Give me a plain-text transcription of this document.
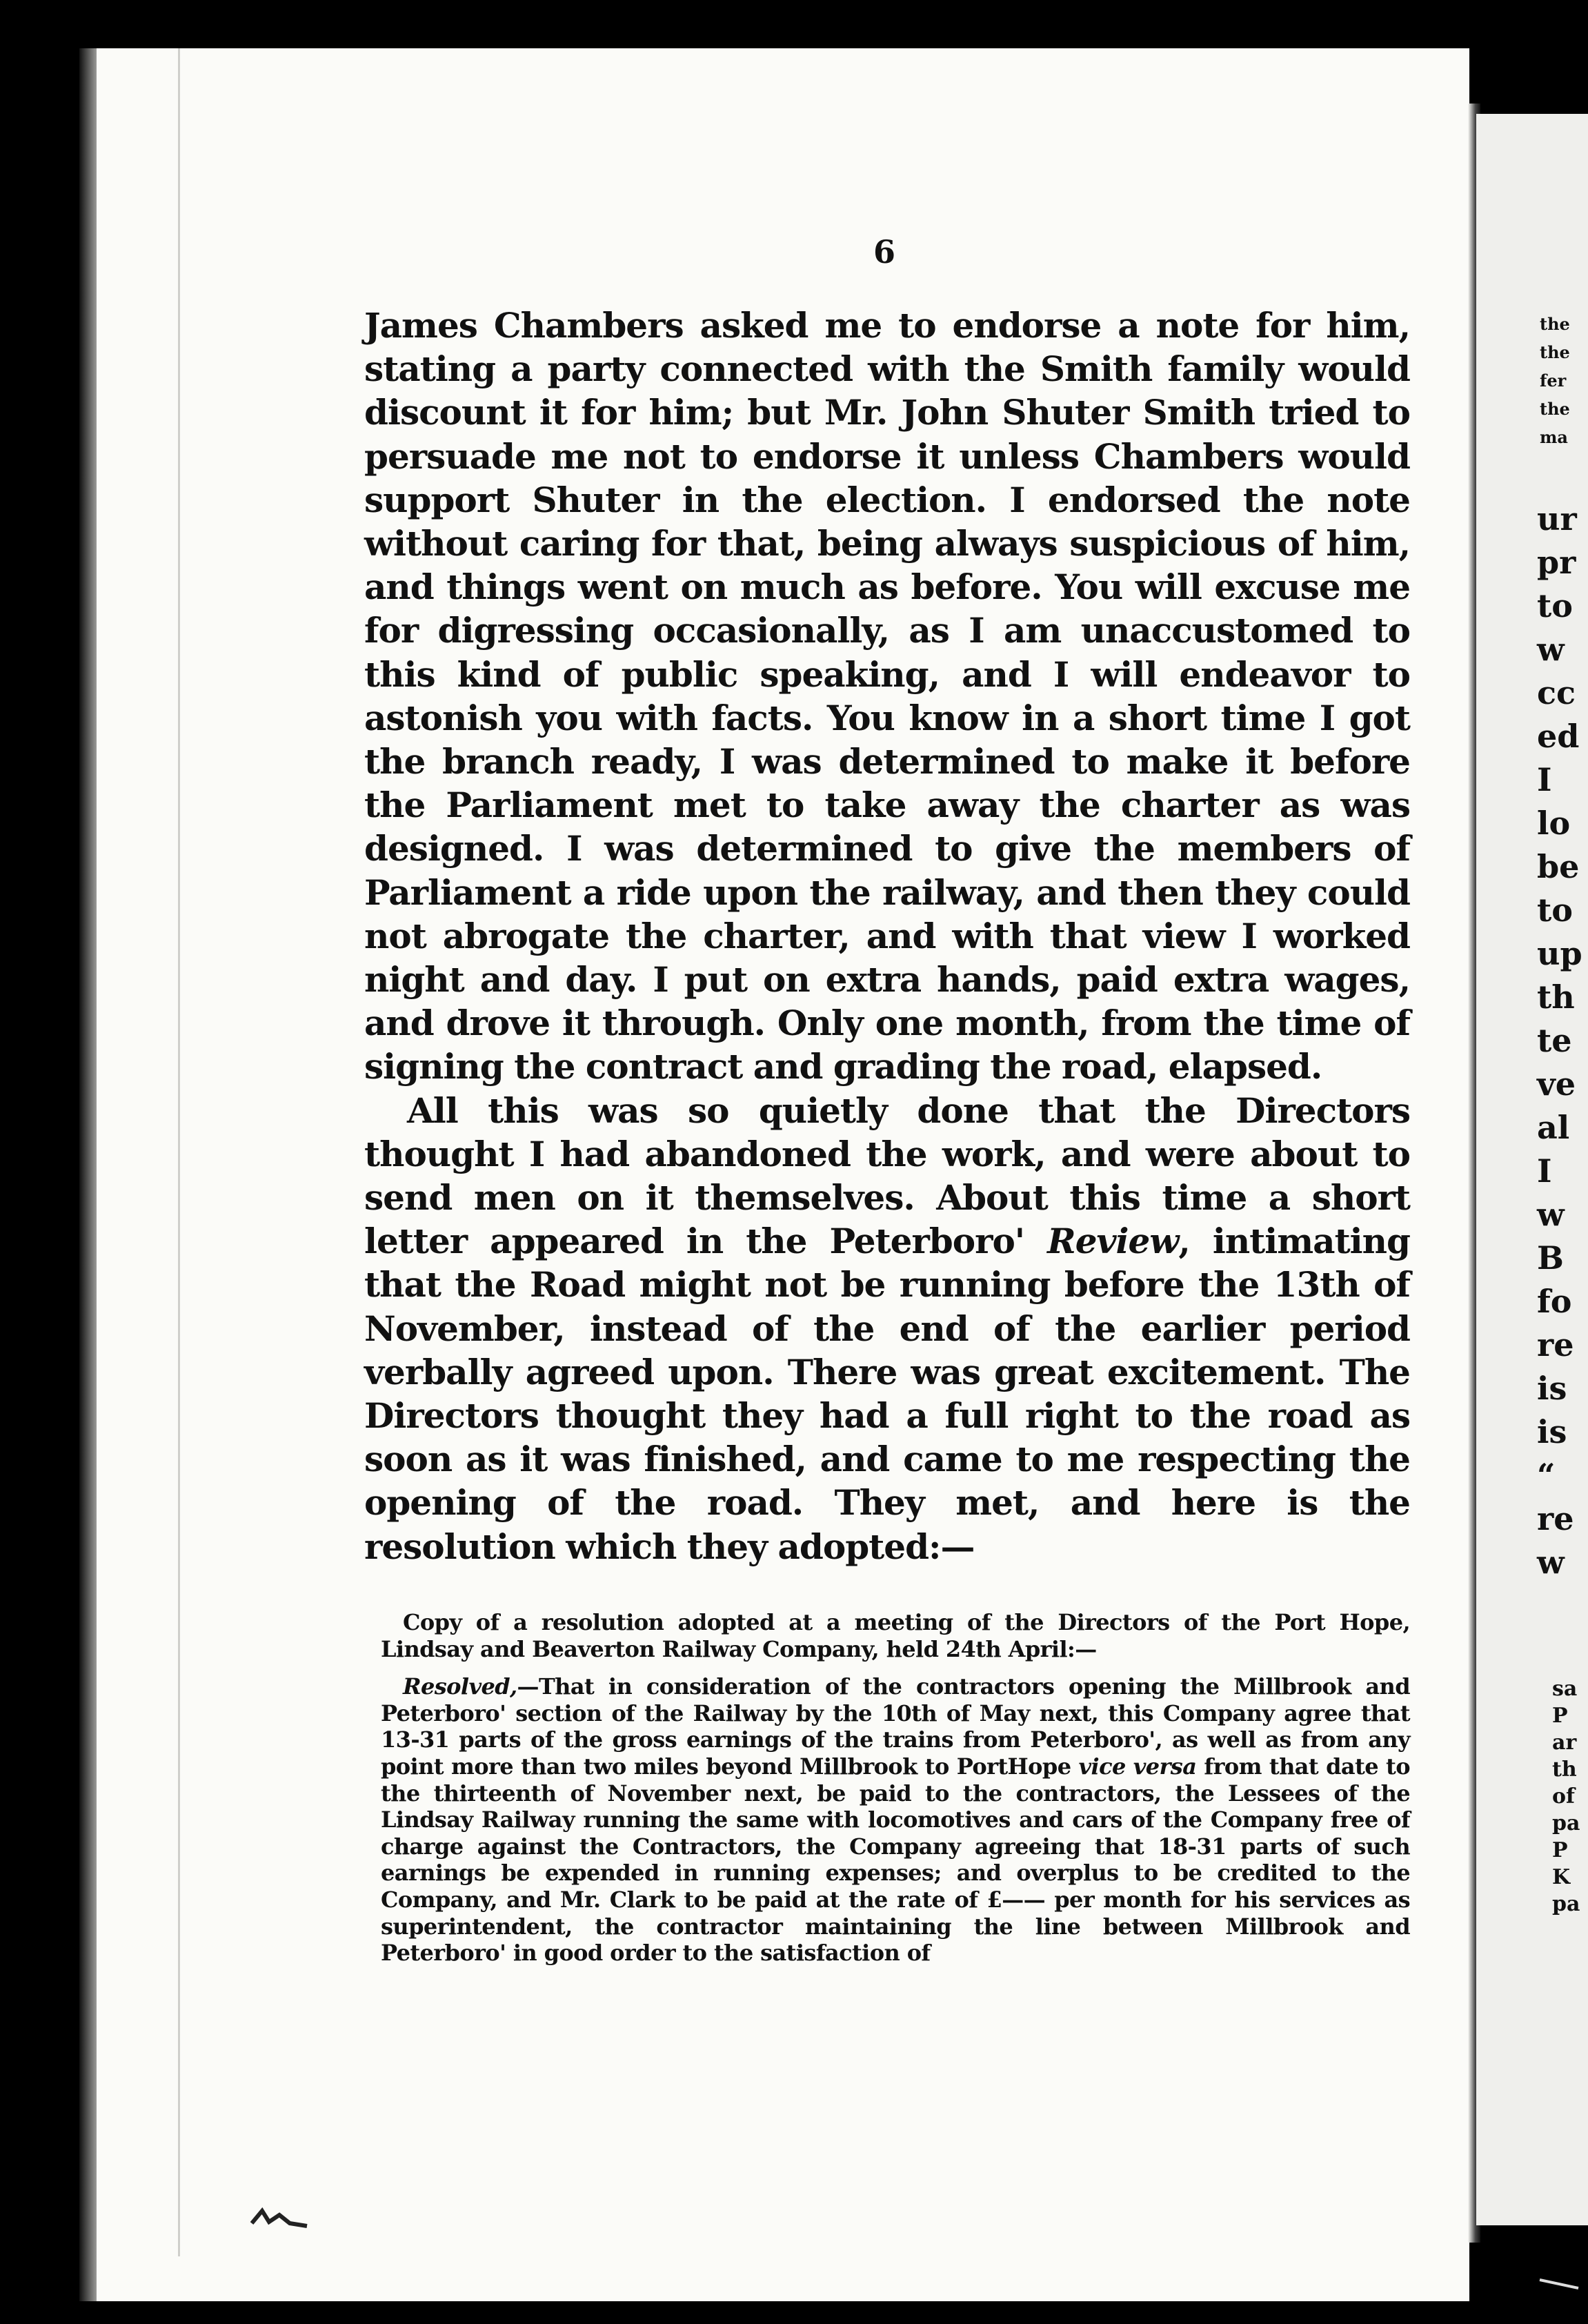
the
the
fer
the
ma
ur
pr
to
w
cc
ed
I
lo
be
to
up
th
te
ve
al
I
w
B
fo
re
is
is
“
re
w
sa
P
ar
th
of
pa
P
K
pa
6

James Chambers asked me to endorse a note for him, stating a party connected with the Smith family would discount it for him; but Mr. John Shuter Smith tried to persuade me not to endorse it unless Chambers would support Shuter in the election. I endorsed the note without caring for that, being always suspicious of him, and things went on much as before. You will excuse me for digressing occasionally, as I am unaccustomed to this kind of public speaking, and I will endeavor to astonish you with facts. You know in a short time I got the branch ready, I was determined to make it before the Parliament met to take away the charter as was designed. I was determined to give the members of Parliament a ride upon the railway, and then they could not abrogate the charter, and with that view I worked night and day. I put on extra hands, paid extra wages, and drove it through. Only one month, from the time of signing the contract and grading the road, elapsed.

All this was so quietly done that the Directors thought I had abandoned the work, and were about to send men on it themselves. About this time a short letter appeared in the Peterboro' Review, intimating that the Road might not be running before the 13th of November, instead of the end of the earlier period verbally agreed upon. There was great excitement. The Directors thought they had a full right to the road as soon as it was finished, and came to me respecting the opening of the road. They met, and here is the resolution which they adopted:—

Copy of a resolution adopted at a meeting of the Directors of the Port Hope, Lindsay and Beaverton Railway Company, held 24th April:—

Resolved,—That in consideration of the contractors opening the Millbrook and Peterboro' section of the Railway by the 10th of May next, this Company agree that 13-31 parts of the gross earnings of the trains from Peterboro', as well as from any point more than two miles beyond Millbrook to PortHope vice versa from that date to the thirteenth of November next, be paid to the contractors, the Lessees of the Lindsay Railway running the same with locomotives and cars of the Company free of charge against the Contractors, the Company agreeing that 18-31 parts of such earnings be expended in running expenses; and overplus to be credited to the Company, and Mr. Clark to be paid at the rate of £—— per month for his services as superintendent, the contractor maintaining the line between Millbrook and Peterboro' in good order to the satisfaction of
